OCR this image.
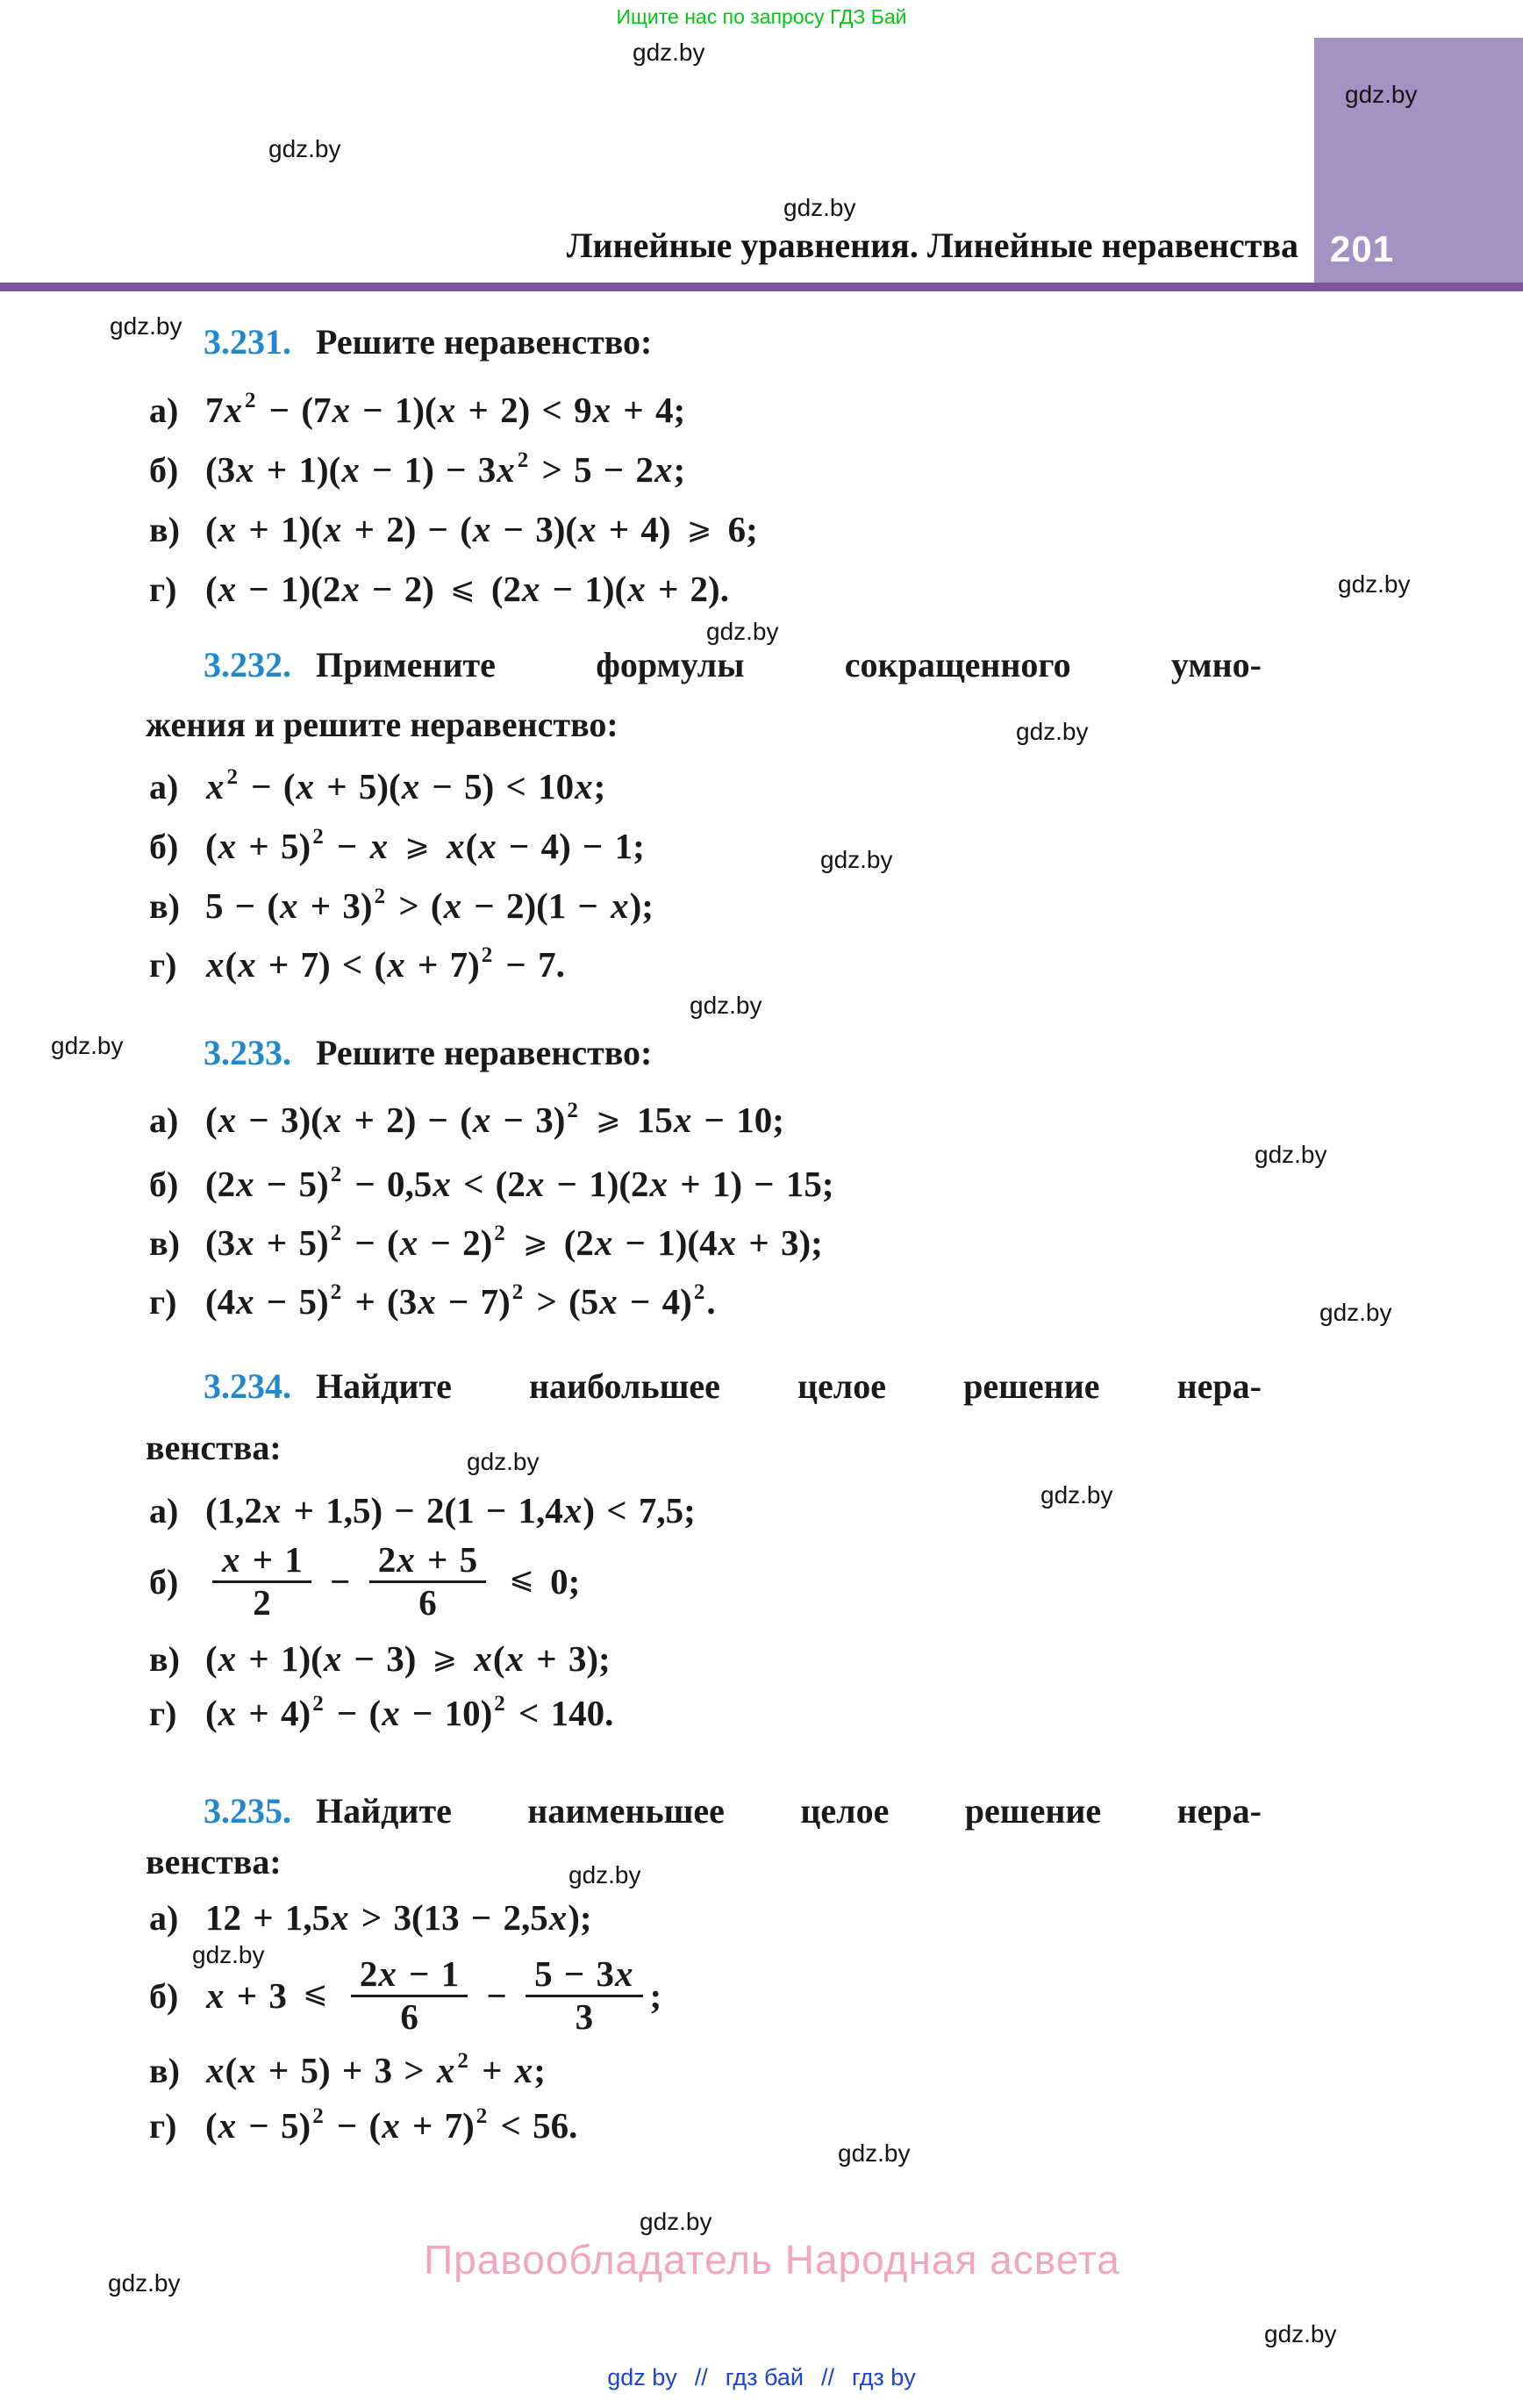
Ищите нас по запросу ГДЗ Бай
201
Линейные уравнения. Линейные неравенства
gdz.by
gdz.by
gdz.by
gdz.by
gdz.by
gdz.by
gdz.by
gdz.by
gdz.by
gdz.by
gdz.by
gdz.by
gdz.by
gdz.by
gdz.by
gdz.by
gdz.by
gdz.by
gdz.by
gdz.by
gdz.by
3.231. Решите неравенство:
а) 7x $^2$ − (7x − 1)(x + 2) < 9x + 4;
б) (3x + 1)(x − 1) − 3x $^2$ > 5 − 2x;
в) (x + 1)(x + 2) − (x − 3)(x + 4) ⩾ 6;
г) (x − 1)(2x − 2) ⩽ (2x − 1)(x + 2).
3.232. Примените формулы сокращенного умно-
жения и решите неравенство:
а) x $^2$ − (x + 5)(x − 5) < 10x;
б) $(x + 5)^2 - x$ ⩾ x(x − 4) − 1;
в) $5 - (x + 3)^2 > (x - 2)(1 - x)$;
г) $x(x + 7) < (x + 7)^2 - 7$.
3.233. Решите неравенство:
а) $(x - 3)(x + 2) - (x - 3)^2$ ⩾ 15x − 10;
б) $(2x - 5)^2 - 0,5x < (2x - 1)(2x + 1) - 15$;
в) $(3x + 5)^2 - (x - 2)^2$ ⩾ (2x − 1)(4x + 3);
г) $(4x - 5)^2 + (3x - 7)^2 > (5x - 4)^2$.
3.234. Найдите наибольшее целое решение нера-
венства:
а) (1,2x + 1,5) − 2(1 − 1,4x) < 7,5;
$б) \frac{x + 1}{2} - \frac{2x + 5}{6}$
⩽ 0;
в) (x + 1)(x − 3) ⩾ x(x + 3);
г) $(x + 4)^2 - (x - 10)^2 < 140$.
3.235. Найдите наименьшее целое решение нера-
венства:
а) 12 + 1,5x > 3(13 − 2,5x);
б) x + 3 ⩽
$\frac{2x - 1}{6} - \frac{5 - 3x}{3}$ ;
в) x(x + 5) + 3 > x $^2$ + x;
г) $(x - 5)^2 - (x + 7)^2 < 56$.
Правообладатель Народная асвета
gdz by // гдз бай // гдз by
